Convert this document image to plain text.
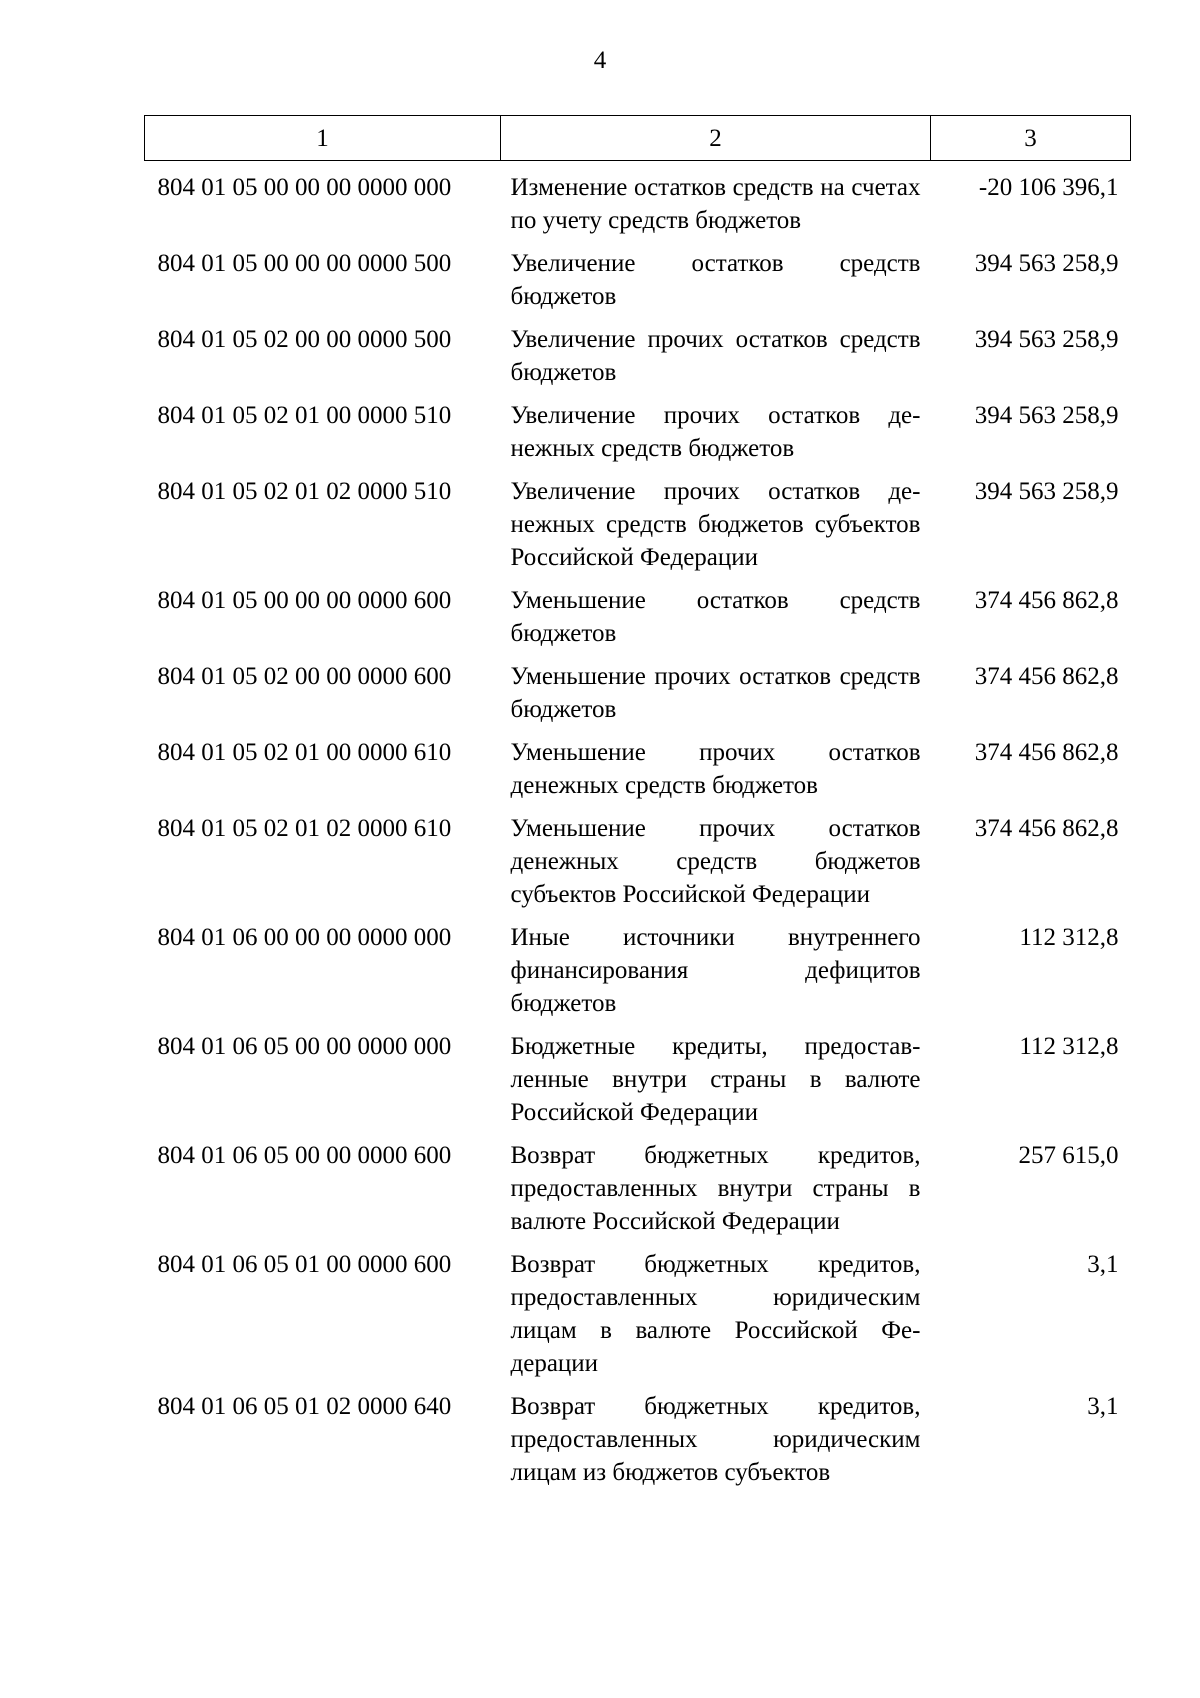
4
1	2	3
804 01 05 00 00 00 0000 000	Изменение остатков средств на счетах по учету средств бюджетов	-20 106 396,1
804 01 05 00 00 00 0000 500	Увеличение остатков средств бюджетов	394 563 258,9
804 01 05 02 00 00 0000 500	Увеличение прочих остатков средств бюджетов	394 563 258,9
804 01 05 02 01 00 0000 510	Увеличение прочих остатков денежных средств бюджетов	394 563 258,9
804 01 05 02 01 02 0000 510	Увеличение прочих остатков денежных средств бюджетов субъектов Российской Федерации	394 563 258,9
804 01 05 00 00 00 0000 600	Уменьшение остатков средств бюджетов	374 456 862,8
804 01 05 02 00 00 0000 600	Уменьшение прочих остатков средств бюджетов	374 456 862,8
804 01 05 02 01 00 0000 610	Уменьшение прочих остатков денежных средств бюджетов	374 456 862,8
804 01 05 02 01 02 0000 610	Уменьшение прочих остатков денежных средств бюджетов субъектов Российской Федерации	374 456 862,8
804 01 06 00 00 00 0000 000	Иные источники внутреннего финансирования дефицитов бюджетов	112 312,8
804 01 06 05 00 00 0000 000	Бюджетные кредиты, предоставленные внутри страны в валюте Российской Федерации	112 312,8
804 01 06 05 00 00 0000 600	Возврат бюджетных кредитов, предоставленных внутри страны в валюте Российской Федерации	257 615,0
804 01 06 05 01 00 0000 600	Возврат бюджетных кредитов, предоставленных юридическим лицам в валюте Российской Федерации	3,1
804 01 06 05 01 02 0000 640	Возврат бюджетных кредитов, предоставленных юридическим лицам из бюджетов субъектов	3,1
